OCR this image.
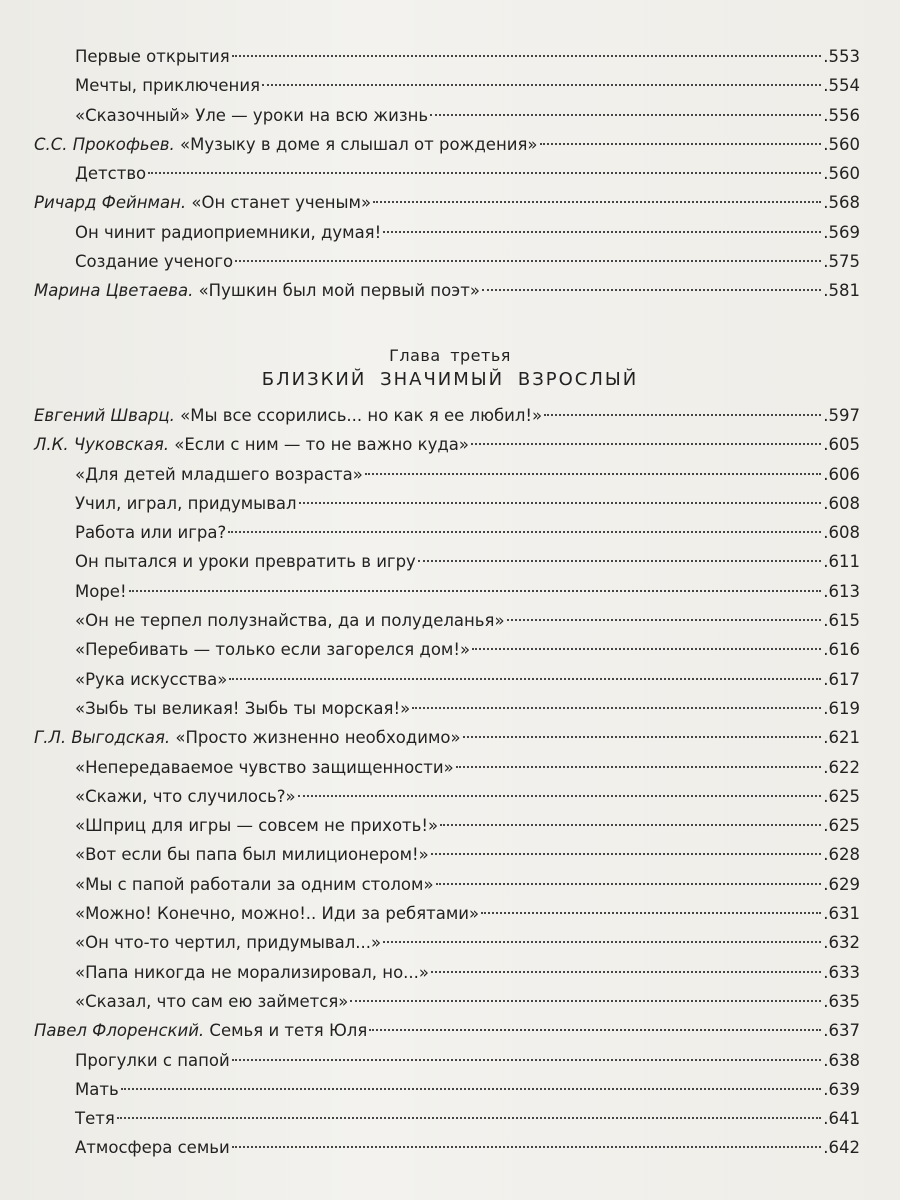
Первые открытия	.553
Мечты, приключения	.554
«Сказочный» Уле — уроки на всю жизнь	.556
С.С. Прокофьев. «Музыку в доме я слышал от рождения»	.560
Детство	.560
Ричард Фейнман. «Он станет ученым»	.568
Он чинит радиоприемники, думая!	.569
Создание ученого	.575
Марина Цветаева. «Пушкин был мой первый поэт»	.581
Глава третья
БЛИЗКИЙ ЗНАЧИМЫЙ ВЗРОСЛЫЙ
Евгений Шварц. «Мы все ссорились... но как я ее любил!»	.597
Л.К. Чуковская. «Если с ним — то не важно куда»	.605
«Для детей младшего возраста»	.606
Учил, играл, придумывал	.608
Работа или игра?	.608
Он пытался и уроки превратить в игру	.611
Море!	.613
«Он не терпел полузнайства, да и полуделанья»	.615
«Перебивать — только если загорелся дом!»	.616
«Рука искусства»	.617
«Зыбь ты великая! Зыбь ты морская!»	.619
Г.Л. Выгодская. «Просто жизненно необходимо»	.621
«Непередаваемое чувство защищенности»	.622
«Скажи, что случилось?»	.625
«Шприц для игры — совсем не прихоть!»	.625
«Вот если бы папа был милиционером!»	.628
«Мы с папой работали за одним столом»	.629
«Можно! Конечно, можно!.. Иди за ребятами»	.631
«Он что-то чертил, придумывал...»	.632
«Папа никогда не морализировал, но...»	.633
«Сказал, что сам ею займется»	.635
Павел Флоренский. Семья и тетя Юля	.637
Прогулки с папой	.638
Мать	.639
Тетя	.641
Атмосфера семьи	.642
